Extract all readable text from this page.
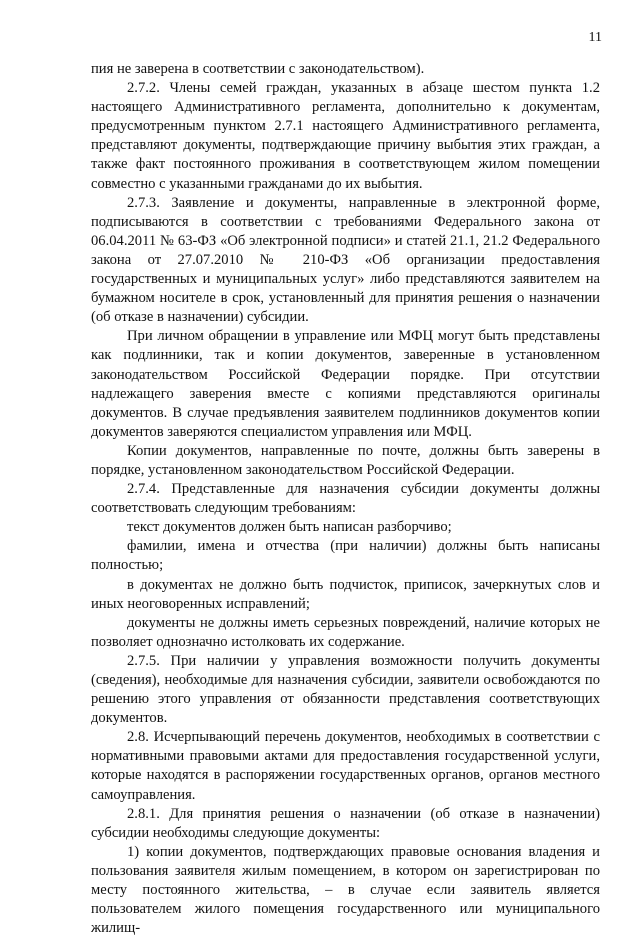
11

пия не заверена в соответствии с законодательством).

2.7.2. Члены семей граждан, указанных в абзаце шестом пункта 1.2 настоящего Административного регламента, дополнительно к документам, предусмотренным пунктом 2.7.1 настоящего Административного регламента, представляют документы, подтверждающие причину выбытия этих граждан, а также факт постоянного проживания в соответствующем жилом помещении совместно с указанными гражданами до их выбытия.

2.7.3. Заявление и документы, направленные в электронной форме, подписываются в соответствии с требованиями Федерального закона от 06.04.2011 № 63-ФЗ «Об электронной подписи» и статей 21.1, 21.2 Федерального закона от 27.07.2010 № 210-ФЗ «Об организации предоставления государственных и муниципальных услуг» либо представляются заявителем на бумажном носителе в срок, установленный для принятия решения о назначении (об отказе в назначении) субсидии.

При личном обращении в управление или МФЦ могут быть представлены как подлинники, так и копии документов, заверенные в установленном законодательством Российской Федерации порядке. При отсутствии надлежащего заверения вместе с копиями представляются оригиналы документов. В случае предъявления заявителем подлинников документов копии документов заверяются специалистом управления или МФЦ.

Копии документов, направленные по почте, должны быть заверены в порядке, установленном законодательством Российской Федерации.

2.7.4. Представленные для назначения субсидии документы должны соответствовать следующим требованиям:

текст документов должен быть написан разборчиво;

фамилии, имена и отчества (при наличии) должны быть написаны полностью;

в документах не должно быть подчисток, приписок, зачеркнутых слов и иных неоговоренных исправлений;

документы не должны иметь серьезных повреждений, наличие которых не позволяет однозначно истолковать их содержание.

2.7.5. При наличии у управления возможности получить документы (сведения), необходимые для назначения субсидии, заявители освобождаются по решению этого управления от обязанности представления соответствующих документов.

2.8. Исчерпывающий перечень документов, необходимых в соответствии с нормативными правовыми актами для предоставления государственной услуги, которые находятся в распоряжении государственных органов, органов местного самоуправления.

2.8.1. Для принятия решения о назначении (об отказе в назначении) субсидии необходимы следующие документы:

1) копии документов, подтверждающих правовые основания владения и пользования заявителя жилым помещением, в котором он зарегистрирован по месту постоянного жительства, – в случае если заявитель является пользователем жилого помещения государственного или муниципального жилищ-
